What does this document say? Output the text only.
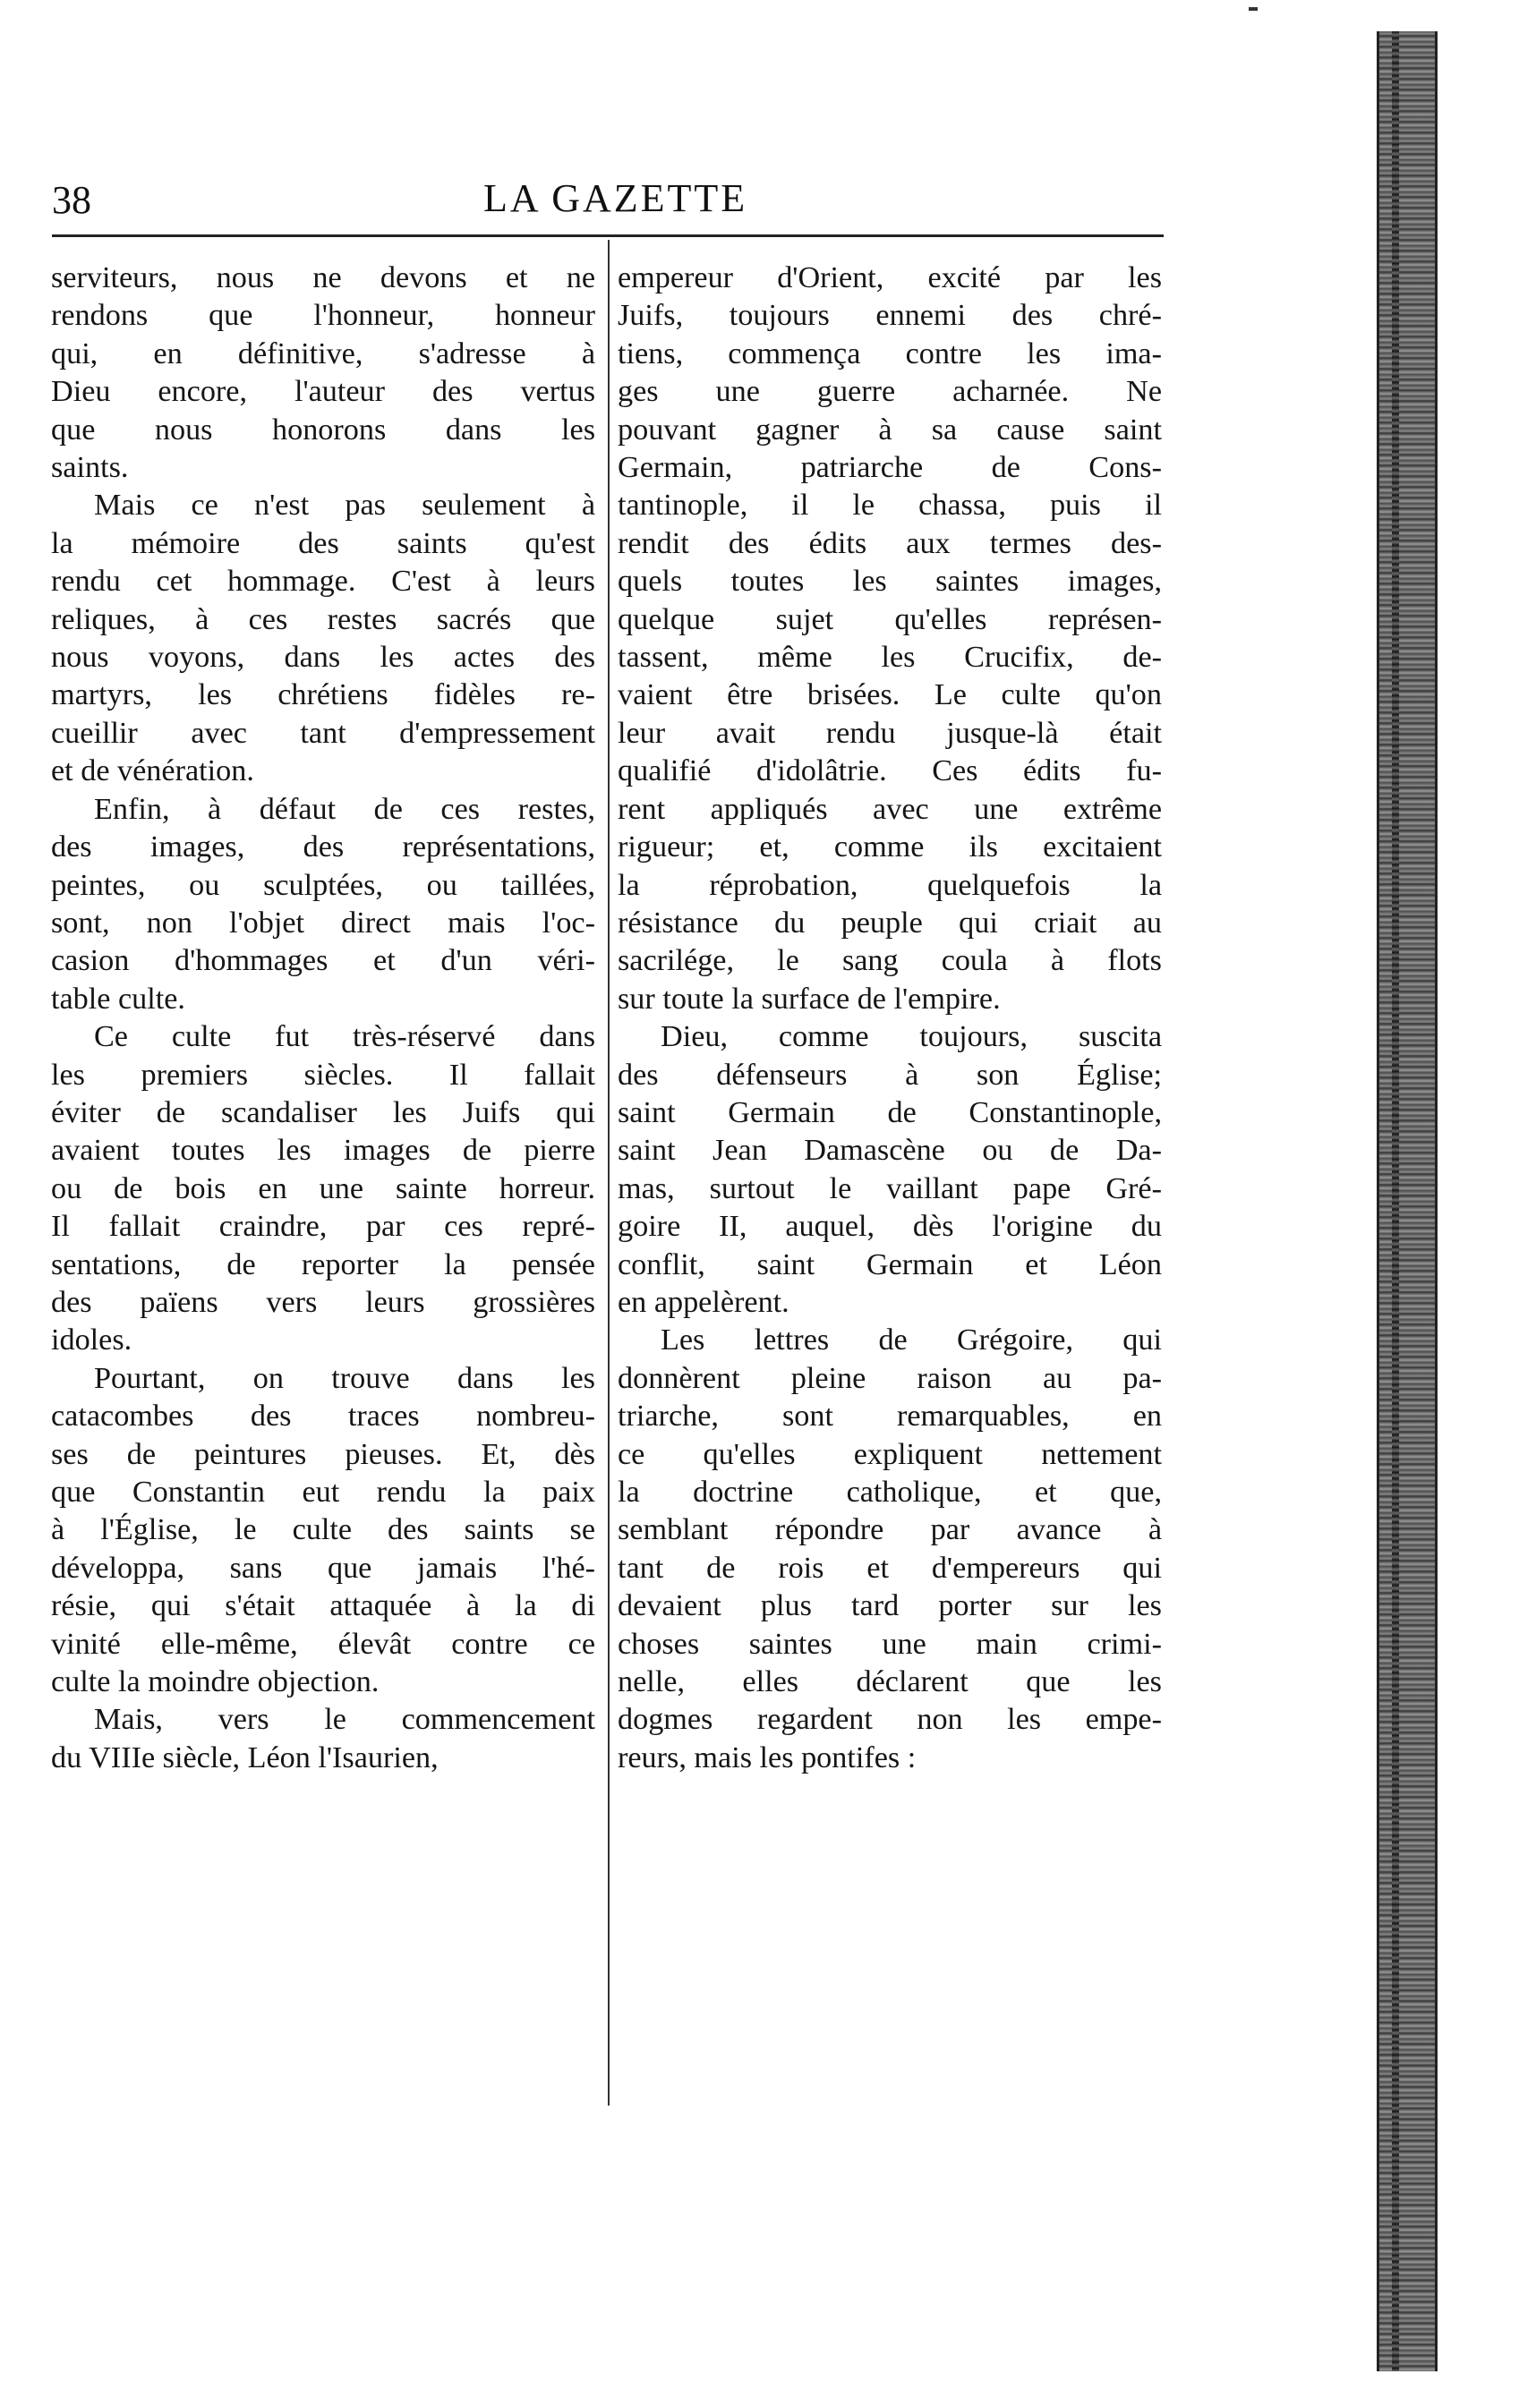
38	LA GAZETTE

serviteurs, nous ne devons et ne
rendons que l'honneur, honneur
qui, en définitive, s'adresse à
Dieu encore, l'auteur des vertus
que nous honorons dans les
saints.

Mais ce n'est pas seulement à
la mémoire des saints qu'est
rendu cet hommage. C'est à leurs
reliques, à ces restes sacrés que
nous voyons, dans les actes des
martyrs, les chrétiens fidèles re-
cueillir avec tant d'empressement
et de vénération.

Enfin, à défaut de ces restes,
des images, des représentations,
peintes, ou sculptées, ou taillées,
sont, non l'objet direct mais l'oc-
casion d'hommages et d'un véri-
table culte.

Ce culte fut très-réservé dans
les premiers siècles. Il fallait
éviter de scandaliser les Juifs qui
avaient toutes les images de pierre
ou de bois en une sainte horreur.
Il fallait craindre, par ces repré-
sentations, de reporter la pensée
des païens vers leurs grossières
idoles.

Pourtant, on trouve dans les
catacombes des traces nombreu-
ses de peintures pieuses. Et, dès
que Constantin eut rendu la paix
à l'Église, le culte des saints se
développa, sans que jamais l'hé-
résie, qui s'était attaquée à la di
vinité elle-même, élevât contre ce
culte la moindre objection.

Mais, vers le commencement
du VIIIe siècle, Léon l'Isaurien,

empereur d'Orient, excité par les
Juifs, toujours ennemi des chré-
tiens, commença contre les ima-
ges une guerre acharnée. Ne
pouvant gagner à sa cause saint
Germain, patriarche de Cons-
tantinople, il le chassa, puis il
rendit des édits aux termes des-
quels toutes les saintes images,
quelque sujet qu'elles représen-
tassent, même les Crucifix, de-
vaient être brisées. Le culte qu'on
leur avait rendu jusque-là était
qualifié d'idolâtrie. Ces édits fu-
rent appliqués avec une extrême
rigueur; et, comme ils excitaient
la réprobation, quelquefois la
résistance du peuple qui criait au
sacrilége, le sang coula à flots
sur toute la surface de l'empire.

Dieu, comme toujours, suscita
des défenseurs à son Église;
saint Germain de Constantinople,
saint Jean Damascène ou de Da-
mas, surtout le vaillant pape Gré-
goire II, auquel, dès l'origine du
conflit, saint Germain et Léon
en appelèrent.

Les lettres de Grégoire, qui
donnèrent pleine raison au pa-
triarche, sont remarquables, en
ce qu'elles expliquent nettement
la doctrine catholique, et que,
semblant répondre par avance à
tant de rois et d'empereurs qui
devaient plus tard porter sur les
choses saintes une main crimi-
nelle, elles déclarent que les
dogmes regardent non les empe-
reurs, mais les pontifes :
